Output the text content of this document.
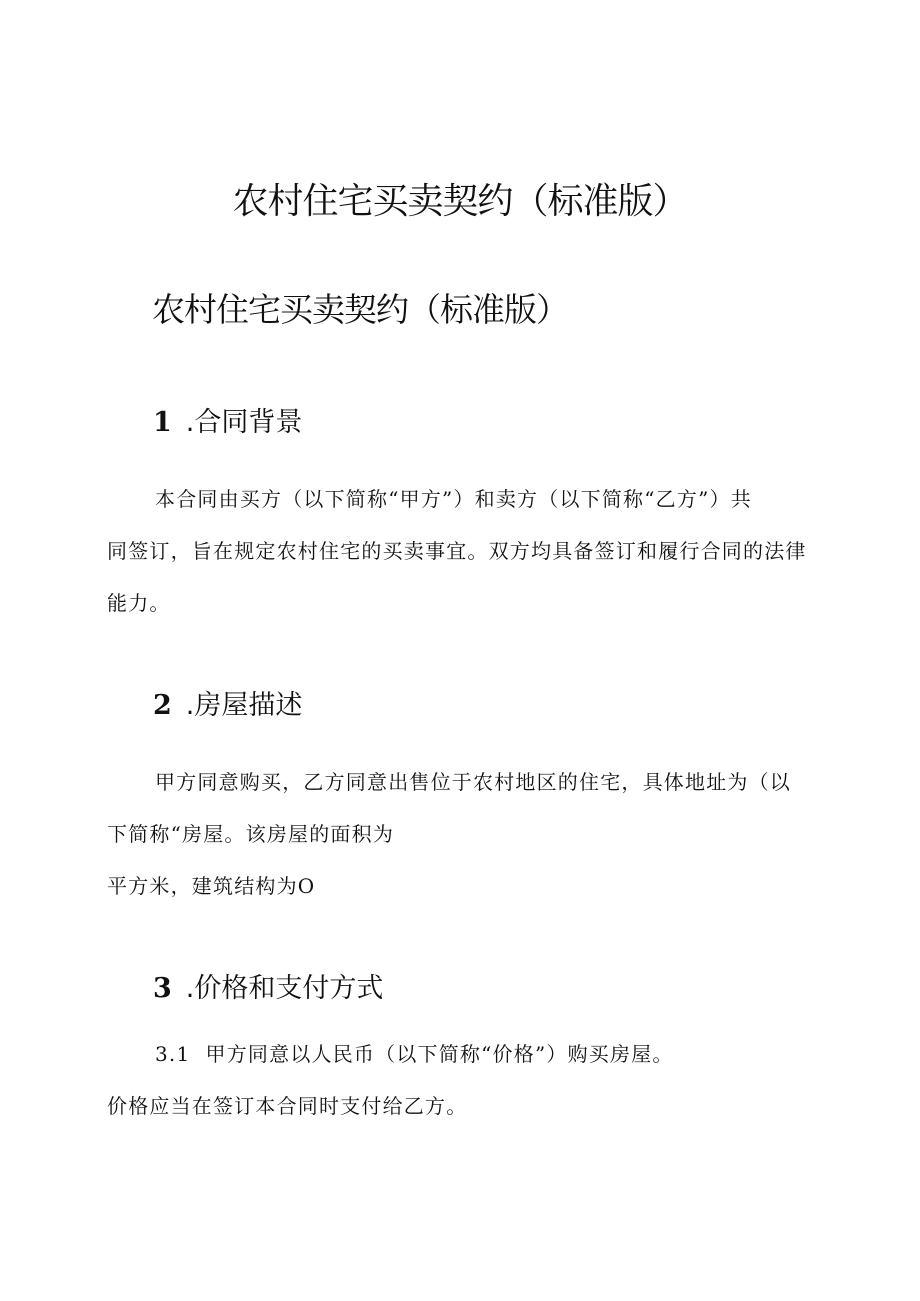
农村住宅买卖契约（标准版）
农村住宅买卖契约（标准版）
1 .合同背景
本合同由买方（以下简称“甲方”）和卖方（以下简称“乙方”）共
同签订，旨在规定农村住宅的买卖事宜。双方均具备签订和履行合同的法律
能力。
2 .房屋描述
甲方同意购买，乙方同意出售位于农村地区的住宅，具体地址为（以
下简称“房屋。该房屋的面积为
平方米，建筑结构为O
3 .价格和支付方式
3.1  甲方同意以人民币（以下简称“价格”）购买房屋。
价格应当在签订本合同时支付给乙方。
